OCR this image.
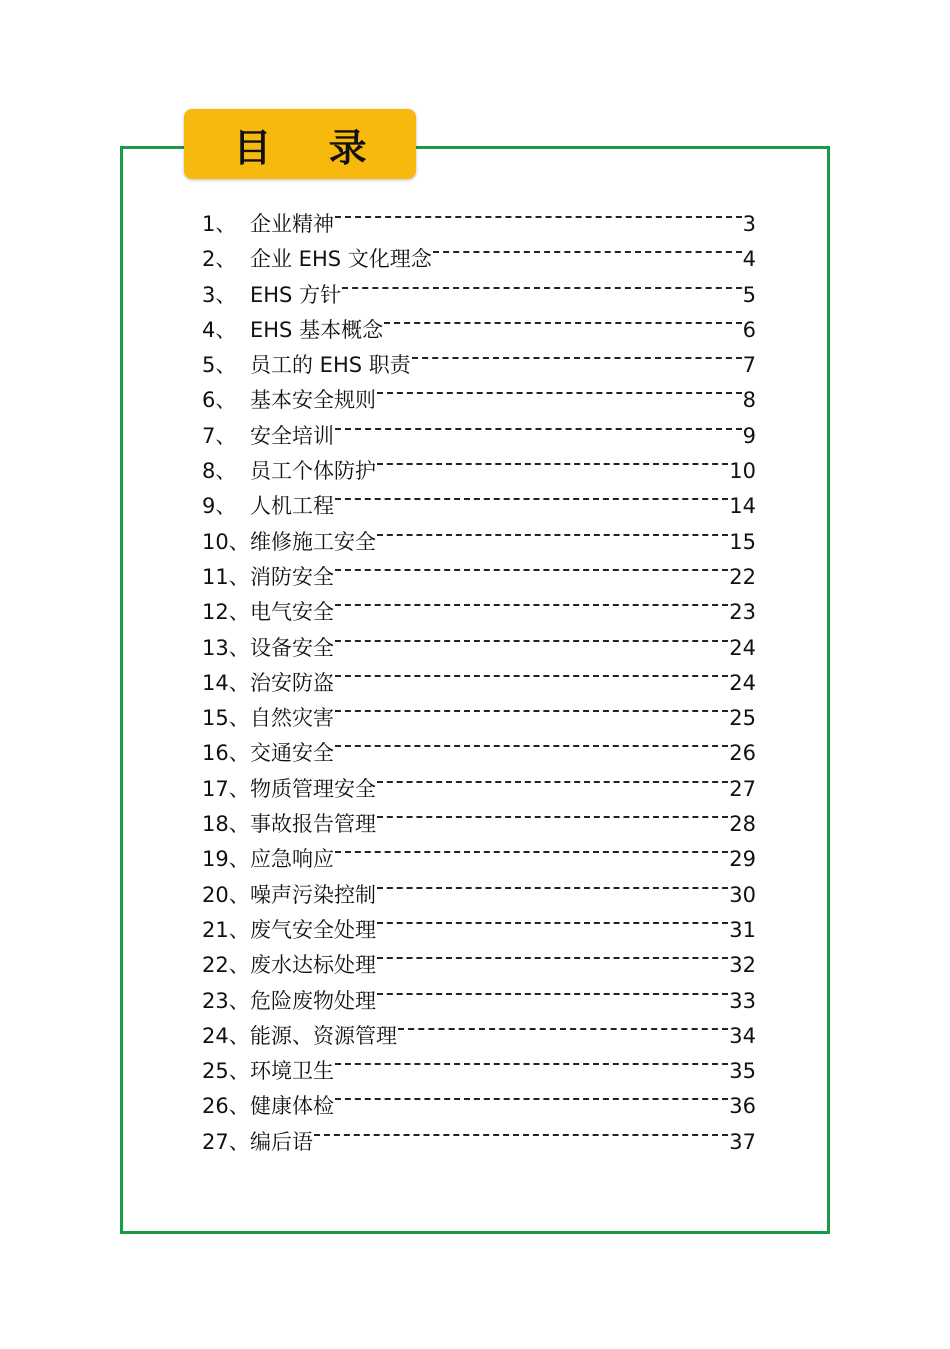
目 录
1、 企业精神	3
2、 企业 EHS 文化理念	4
3、 EHS 方针	5
4、 EHS 基本概念	6
5、 员工的 EHS 职责	7
6、 基本安全规则	8
7、 安全培训	9
8、 员工个体防护	10
9、 人机工程	14
10、 维修施工安全	15
11、 消防安全	22
12、 电气安全	23
13、 设备安全	24
14、 治安防盗	24
15、 自然灾害	25
16、 交通安全	26
17、 物质管理安全	27
18、 事故报告管理	28
19、 应急响应	29
20、 噪声污染控制	30
21、 废气安全处理	31
22、 废水达标处理	32
23、 危险废物处理	33
24、 能源、资源管理	34
25、 环境卫生	35
26、 健康体检	36
27、 编后语	37
